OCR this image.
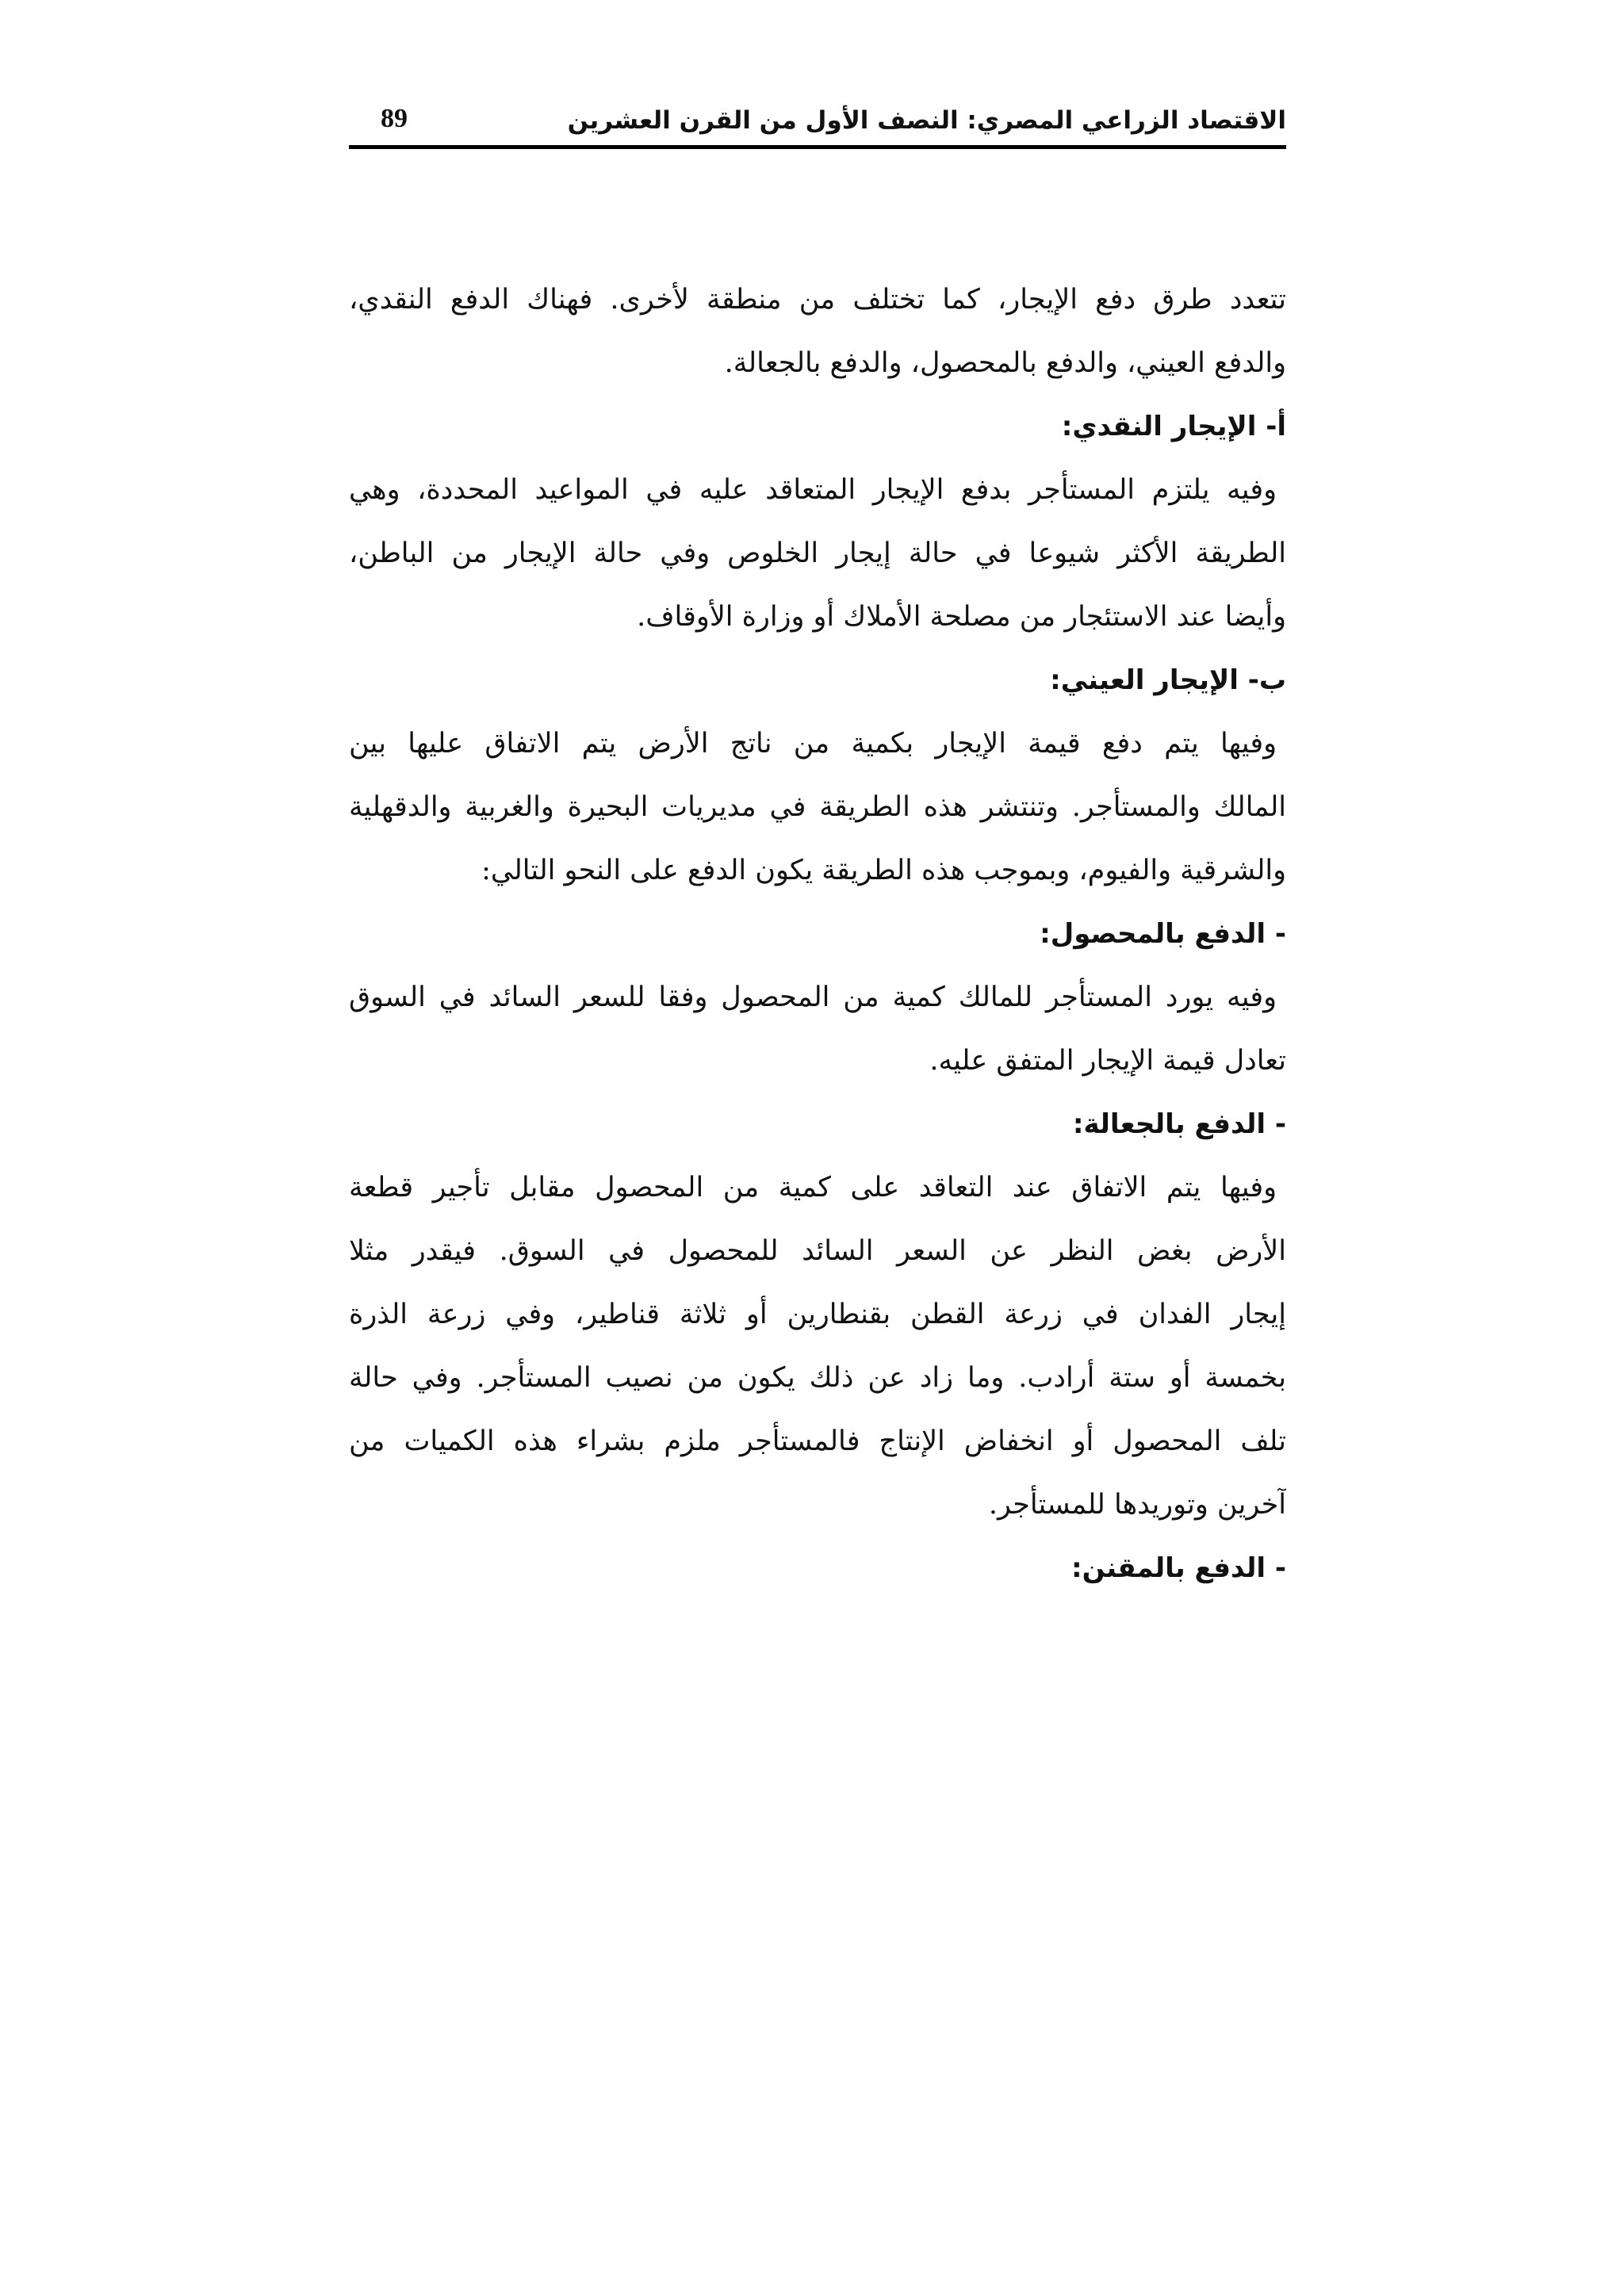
الاقتصاد الزراعي المصري: النصف الأول من القرن العشرين
89
تتعدد طرق دفع الإيجار، كما تختلف من منطقة لأخرى. فهناك الدفع النقدي،
والدفع العيني، والدفع بالمحصول، والدفع بالجعالة.
أ- الإيجار النقدي:
وفيه يلتزم المستأجر بدفع الإيجار المتعاقد عليه في المواعيد المحددة، وهي
الطريقة الأكثر شيوعا في حالة إيجار الخلوص وفي حالة الإيجار من الباطن،
وأيضا عند الاستئجار من مصلحة الأملاك أو وزارة الأوقاف.
ب- الإيجار العيني:
وفيها يتم دفع قيمة الإيجار بكمية من ناتج الأرض يتم الاتفاق عليها بين
المالك والمستأجر. وتنتشر هذه الطريقة في مديريات البحيرة والغربية والدقهلية
والشرقية والفيوم، وبموجب هذه الطريقة يكون الدفع على النحو التالي:
- الدفع بالمحصول:
وفيه يورد المستأجر للمالك كمية من المحصول وفقا للسعر السائد في السوق
تعادل قيمة الإيجار المتفق عليه.
- الدفع بالجعالة:
وفيها يتم الاتفاق عند التعاقد على كمية من المحصول مقابل تأجير قطعة
الأرض بغض النظر عن السعر السائد للمحصول في السوق. فيقدر مثلا
إيجار الفدان في زرعة القطن بقنطارين أو ثلاثة قناطير، وفي زرعة الذرة
بخمسة أو ستة أرادب. وما زاد عن ذلك يكون من نصيب المستأجر. وفي حالة
تلف المحصول أو انخفاض الإنتاج فالمستأجر ملزم بشراء هذه الكميات من
آخرين وتوريدها للمستأجر.
- الدفع بالمقنن:
